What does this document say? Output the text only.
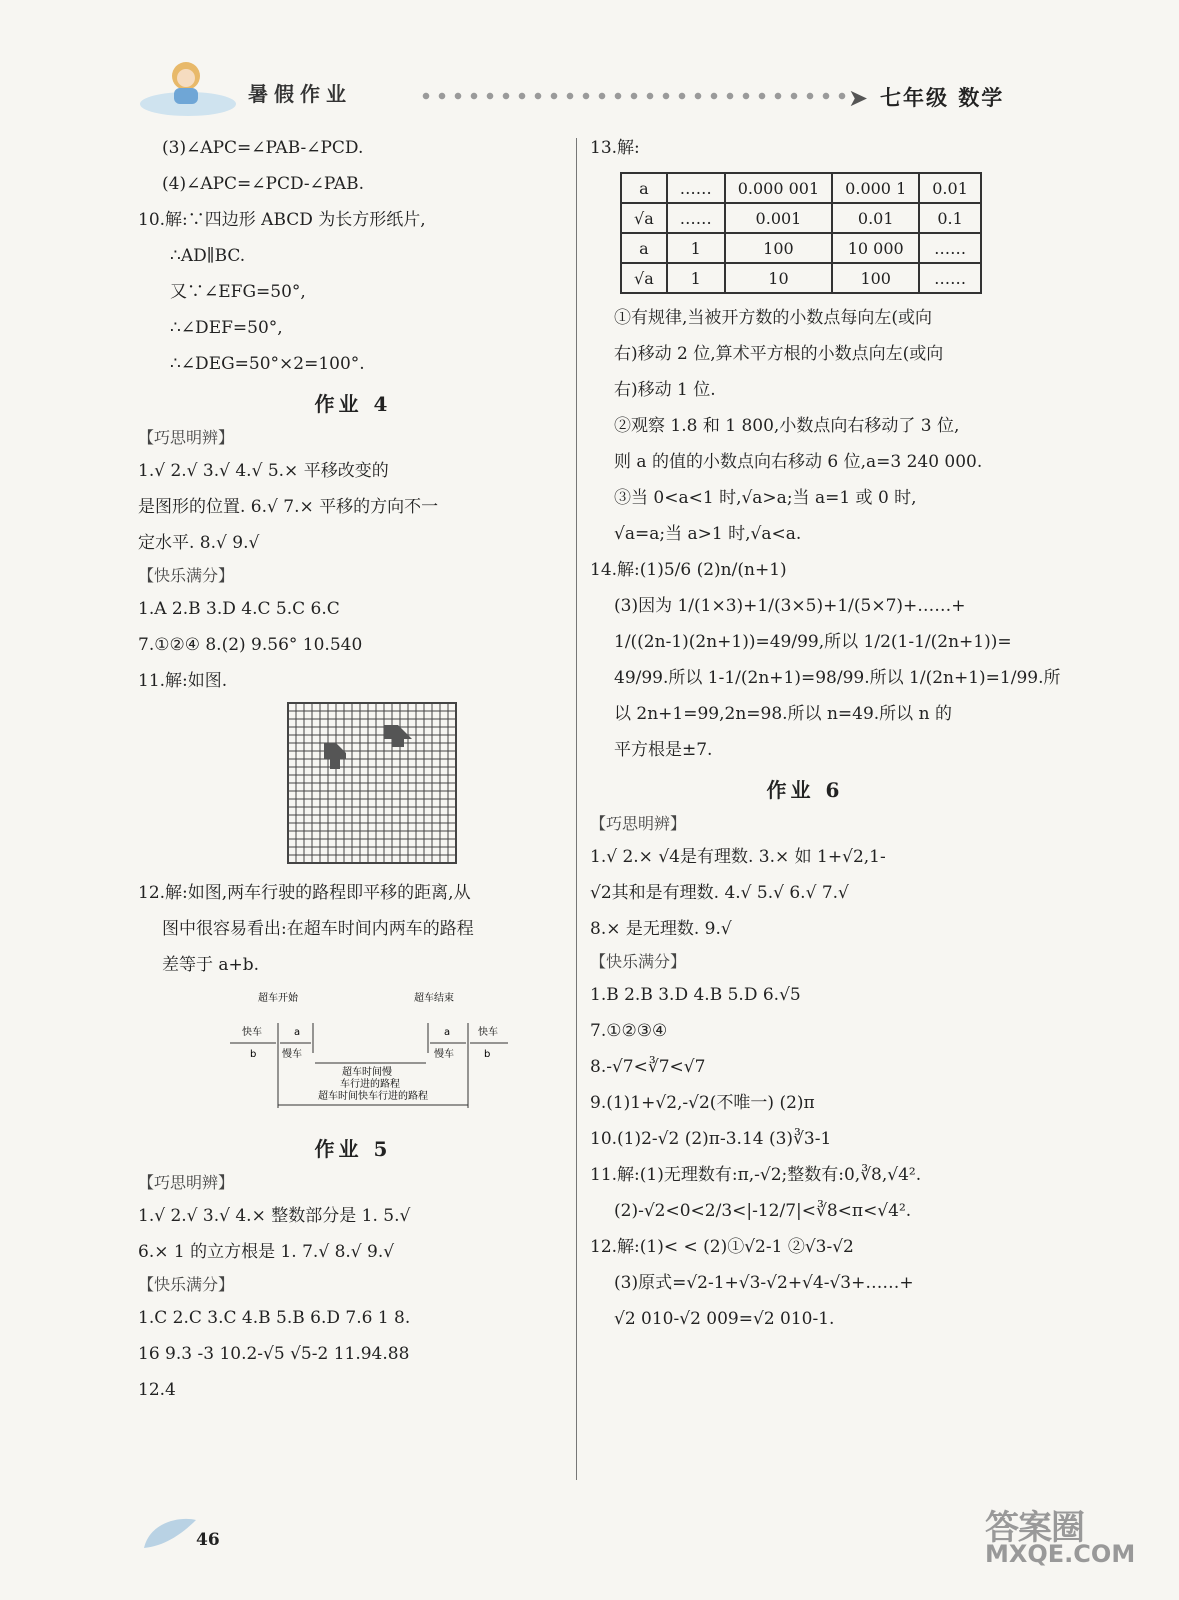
暑假作业	➤ 七年级 数学
(3)∠APC=∠PAB-∠PCD.
(4)∠APC=∠PCD-∠PAB.
10.解:∵四边形 ABCD 为长方形纸片,
∴AD∥BC.
又∵∠EFG=50°,
∴∠DEF=50°,
∴∠DEG=50°×2=100°.
作业 4
【巧思明辨】
1.√ 2.√ 3.√ 4.√ 5.× 平移改变的
是图形的位置. 6.√ 7.× 平移的方向不一
定水平. 8.√ 9.√
【快乐满分】
1.A 2.B 3.D 4.C 5.C 6.C
7.①②④ 8.(2) 9.56° 10.540
11.解:如图.
12.解:如图,两车行驶的路程即平移的距离,从
图中很容易看出:在超车时间内两车的路程
差等于 a+b.
超车开始	超车结束
快车
b
a
慢车
a
慢车
快车
b
超车时间慢
车行进的路程
超车时间快车行进的路程
作业 5
【巧思明辨】
1.√ 2.√ 3.√ 4.× 整数部分是 1. 5.√
6.× 1 的立方根是 1. 7.√ 8.√ 9.√
【快乐满分】
1.C 2.C 3.C 4.B 5.B 6.D 7.6 1 8.
16 9.3 -3 10.2-√5 √5-2 11.94.88
12.4
13.解:
a	……	0.000 001	0.000 1	0.01
√a	……	0.001	0.01	0.1
a	1	100	10 000	……
√a	1	10	100	……
①有规律,当被开方数的小数点每向左(或向
右)移动 2 位,算术平方根的小数点向左(或向
右)移动 1 位.
②观察 1.8 和 1 800,小数点向右移动了 3 位,
则 a 的值的小数点向右移动 6 位,a=3 240 000.
③当 0<a<1 时,√a>a;当 a=1 或 0 时,
√a=a;当 a>1 时,√a<a.
14.解:(1)5/6 (2)n/(n+1)
(3)因为 1/(1×3)+1/(3×5)+1/(5×7)+……+
1/((2n-1)(2n+1))=49/99,所以 1/2(1-1/(2n+1))=
49/99.所以 1-1/(2n+1)=98/99.所以 1/(2n+1)=1/99.所
以 2n+1=99,2n=98.所以 n=49.所以 n 的
平方根是±7.
作业 6
【巧思明辨】
1.√ 2.× √4是有理数. 3.× 如 1+√2,1-
√2其和是有理数. 4.√ 5.√ 6.√ 7.√
8.× 是无理数. 9.√
【快乐满分】
1.B 2.B 3.D 4.B 5.D 6.√5
7.①②③④
8.-√7<∛7<√7
9.(1)1+√2,-√2(不唯一) (2)π
10.(1)2-√2 (2)π-3.14 (3)∛3-1
11.解:(1)无理数有:π,-√2;整数有:0,∛8,√4².
(2)-√2<0<2/3<|-12/7|<∛8<π<√4².
12.解:(1)< < (2)①√2-1 ②√3-√2
(3)原式=√2-1+√3-√2+√4-√3+……+
√2 010-√2 009=√2 010-1.
46	答案圈
MXQE.COM
